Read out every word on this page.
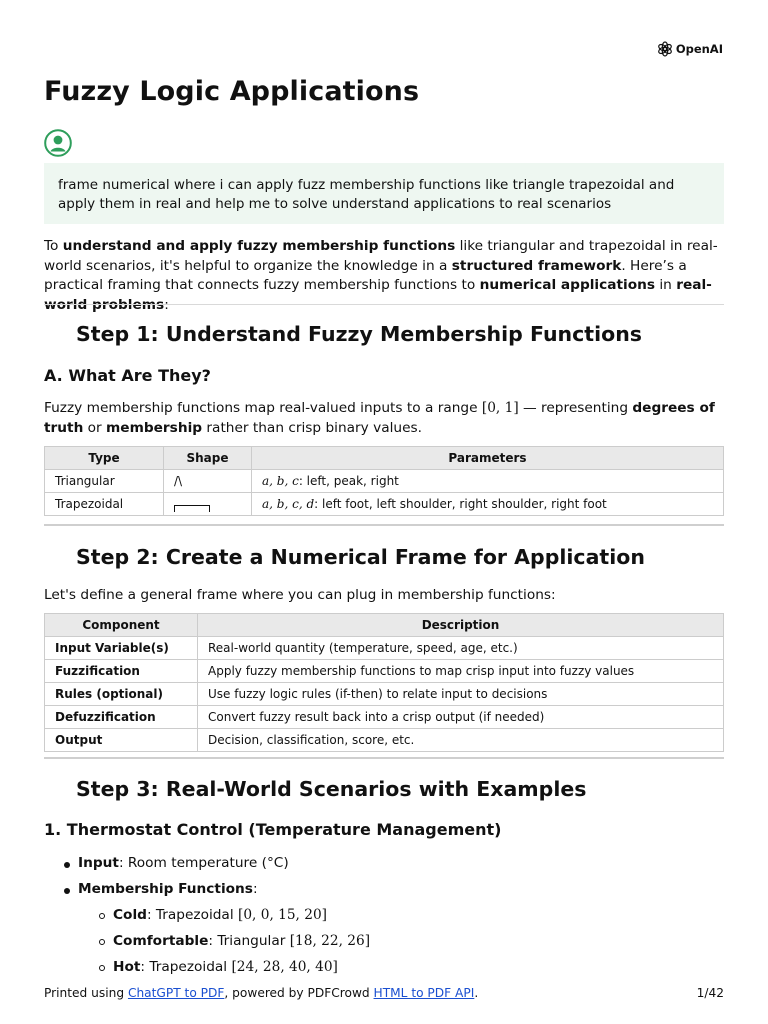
OpenAI
Fuzzy Logic Applications
frame numerical where i can apply fuzz membership functions like triangle trapezoidal and apply them in real and help me to solve understand applications to real scenarios

To understand and apply fuzzy membership functions like triangular and trapezoidal in real-world scenarios, it's helpful to organize the knowledge in a structured framework. Here’s a practical framing that connects fuzzy membership functions to numerical applications in real-world problems:

Step 1: Understand Fuzzy Membership Functions
A. What Are They?

Fuzzy membership functions map real-valued inputs to a range [0, 1] — representing degrees of truth or membership rather than crisp binary values.

Type	Shape	Parameters
Triangular	/\	a, b, c: left, peak, right
Trapezoidal		a, b, c, d: left foot, left shoulder, right shoulder, right foot
Step 2: Create a Numerical Frame for Application

Let's define a general frame where you can plug in membership functions:

Component	Description
Input Variable(s)	Real-world quantity (temperature, speed, age, etc.)
Fuzzification	Apply fuzzy membership functions to map crisp input into fuzzy values
Rules (optional)	Use fuzzy logic rules (if-then) to relate input to decisions
Defuzzification	Convert fuzzy result back into a crisp output (if needed)
Output	Decision, classification, score, etc.
Step 3: Real-World Scenarios with Examples
1. Thermostat Control (Temperature Management)
Input: Room temperature (°C)
Membership Functions:
Cold: Trapezoidal [0, 0, 15, 20]
Comfortable: Triangular [18, 22, 26]
Hot: Trapezoidal [24, 28, 40, 40]
Printed using ChatGPT to PDF, powered by PDFCrowd HTML to PDF API.	1/42
